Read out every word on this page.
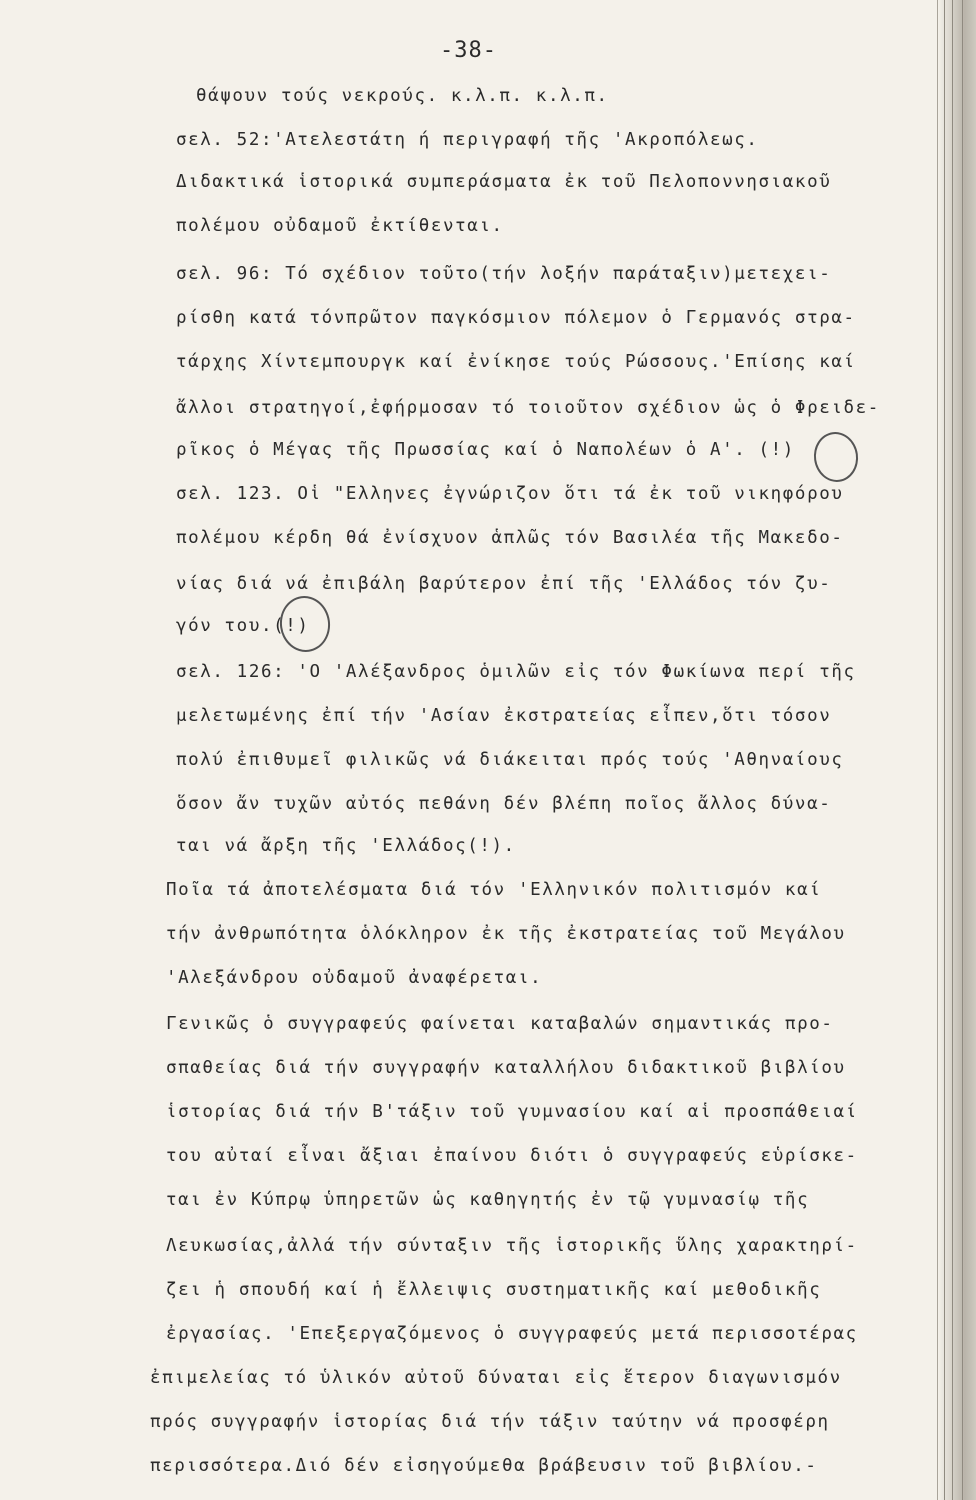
-38-
θάψουν τούς νεκρούς. κ.λ.π. κ.λ.π.
σελ. 52:'Ατελεστάτη ή περιγραφή τῆς 'Ακροπόλεως.
Διδακτικά ἱστορικά συμπεράσματα ἐκ τοῦ Πελοποννησιακοῦ
πολέμου οὐδαμοῦ ἐκτίθενται.
σελ. 96: Τό σχέδιον τοῦτο(τήν λοξήν παράταξιν)μετεχει-
ρίσθη κατά τόνπρῶτον παγκόσμιον πόλεμον ὁ Γερμανός στρα-
τάρχης Χίντεμπουργκ καί ἐνίκησε τούς Ρώσσους.'Επίσης καί
ἄλλοι στρατηγοί,ἐφήρμοσαν τό τοιοῦτον σχέδιον ὡς ὁ Φρειδε-
ρῖκος ὁ Μέγας τῆς Πρωσσίας καί ὁ Ναπολέων ὁ Α'. (!)
σελ. 123. Οἱ "Ελληνες ἐγνώριζον ὅτι τά ἐκ τοῦ νικηφόρου
πολέμου κέρδη θά ἐνίσχυον ἁπλῶς τόν Βασιλέα τῆς Μακεδο-
νίας διά νά ἐπιβάλη βαρύτερον ἐπί τῆς 'Ελλάδος τόν ζυ-
γόν του.(!)
σελ. 126: 'Ο 'Αλέξανδρος ὁμιλῶν εἰς τόν Φωκίωνα περί τῆς
μελετωμένης ἐπί τήν 'Ασίαν ἐκστρατείας εἶπεν,ὅτι τόσον
πολύ ἐπιθυμεῖ φιλικῶς νά διάκειται πρός τούς 'Αθηναίους
ὅσον ἄν τυχῶν αὐτός πεθάνη δέν βλέπη ποῖος ἄλλος δύνα-
ται νά ἄρξη τῆς 'Ελλάδος(!).
Ποῖα τά ἀποτελέσματα διά τόν 'Ελληνικόν πολιτισμόν καί
τήν ἀνθρωπότητα ὁλόκληρον ἐκ τῆς ἐκστρατείας τοῦ Μεγάλου
'Αλεξάνδρου οὐδαμοῦ ἀναφέρεται.
Γενικῶς ὁ συγγραφεύς φαίνεται καταβαλών σημαντικάς προ-
σπαθείας διά τήν συγγραφήν καταλλήλου διδακτικοῦ βιβλίου
ἱστορίας διά τήν Β'τάξιν τοῦ γυμνασίου καί αἱ προσπάθειαί
του αὐταί εἶναι ἄξιαι ἐπαίνου διότι ὁ συγγραφεύς εὑρίσκε-
ται ἐν Κύπρῳ ὑπηρετῶν ὡς καθηγητής ἐν τῷ γυμνασίῳ τῆς
Λευκωσίας,ἀλλά τήν σύνταξιν τῆς ἱστορικῆς ὕλης χαρακτηρί-
ζει ἡ σπουδή καί ἡ ἔλλειψις συστηματικῆς καί μεθοδικῆς
ἐργασίας. 'Επεξεργαζόμενος ὁ συγγραφεύς μετά περισσοτέρας
ἐπιμελείας τό ὑλικόν αὐτοῦ δύναται εἰς ἕτερον διαγωνισμόν
πρός συγγραφήν ἱστορίας διά τήν τάξιν ταύτην νά προσφέρη
περισσότερα.Διό δέν εἰσηγούμεθα βράβευσιν τοῦ βιβλίου.-
